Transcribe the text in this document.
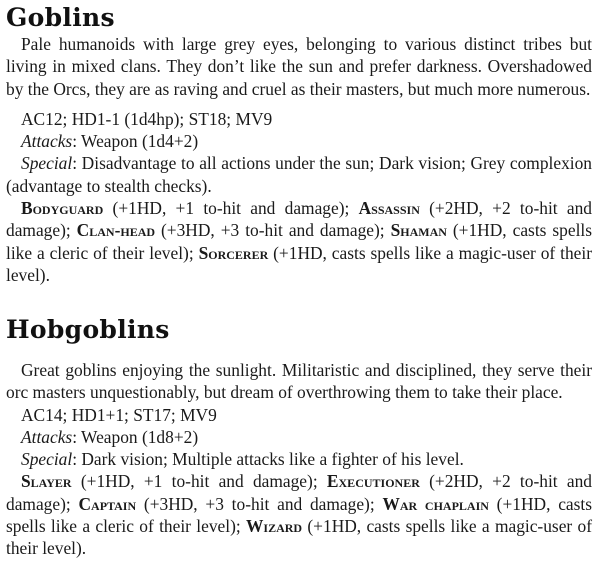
Goblins

Pale humanoids with large grey eyes, belonging to various distinct tribes but living in mixed clans. They don’t like the sun and prefer darkness. Overshadowed by the Orcs, they are as raving and cruel as their masters, but much more numerous.

AC12; HD1-1 (1d4hp); ST18; MV9

Attacks: Weapon (1d4+2)

Special: Disadvantage to all actions under the sun; Dark vision; Grey complexion (advantage to stealth checks).

Bodyguard (+1HD, +1 to-hit and damage); Assassin (+2HD, +2 to-hit and damage); Clan-head (+3HD, +3 to-hit and damage); Shaman (+1HD, casts spells like a cleric of their level); Sorcerer (+1HD, casts spells like a magic-user of their level).

Hobgoblins

Great goblins enjoying the sunlight. Militaristic and disciplined, they serve their orc masters unquestionably, but dream of overthrowing them to take their place.

AC14; HD1+1; ST17; MV9

Attacks: Weapon (1d8+2)

Special: Dark vision; Multiple attacks like a fighter of his level.

Slayer (+1HD, +1 to-hit and damage); Executioner (+2HD, +2 to-hit and damage); Captain (+3HD, +3 to-hit and damage); War chaplain (+1HD, casts spells like a cleric of their level); Wizard (+1HD, casts spells like a magic-user of their level).
